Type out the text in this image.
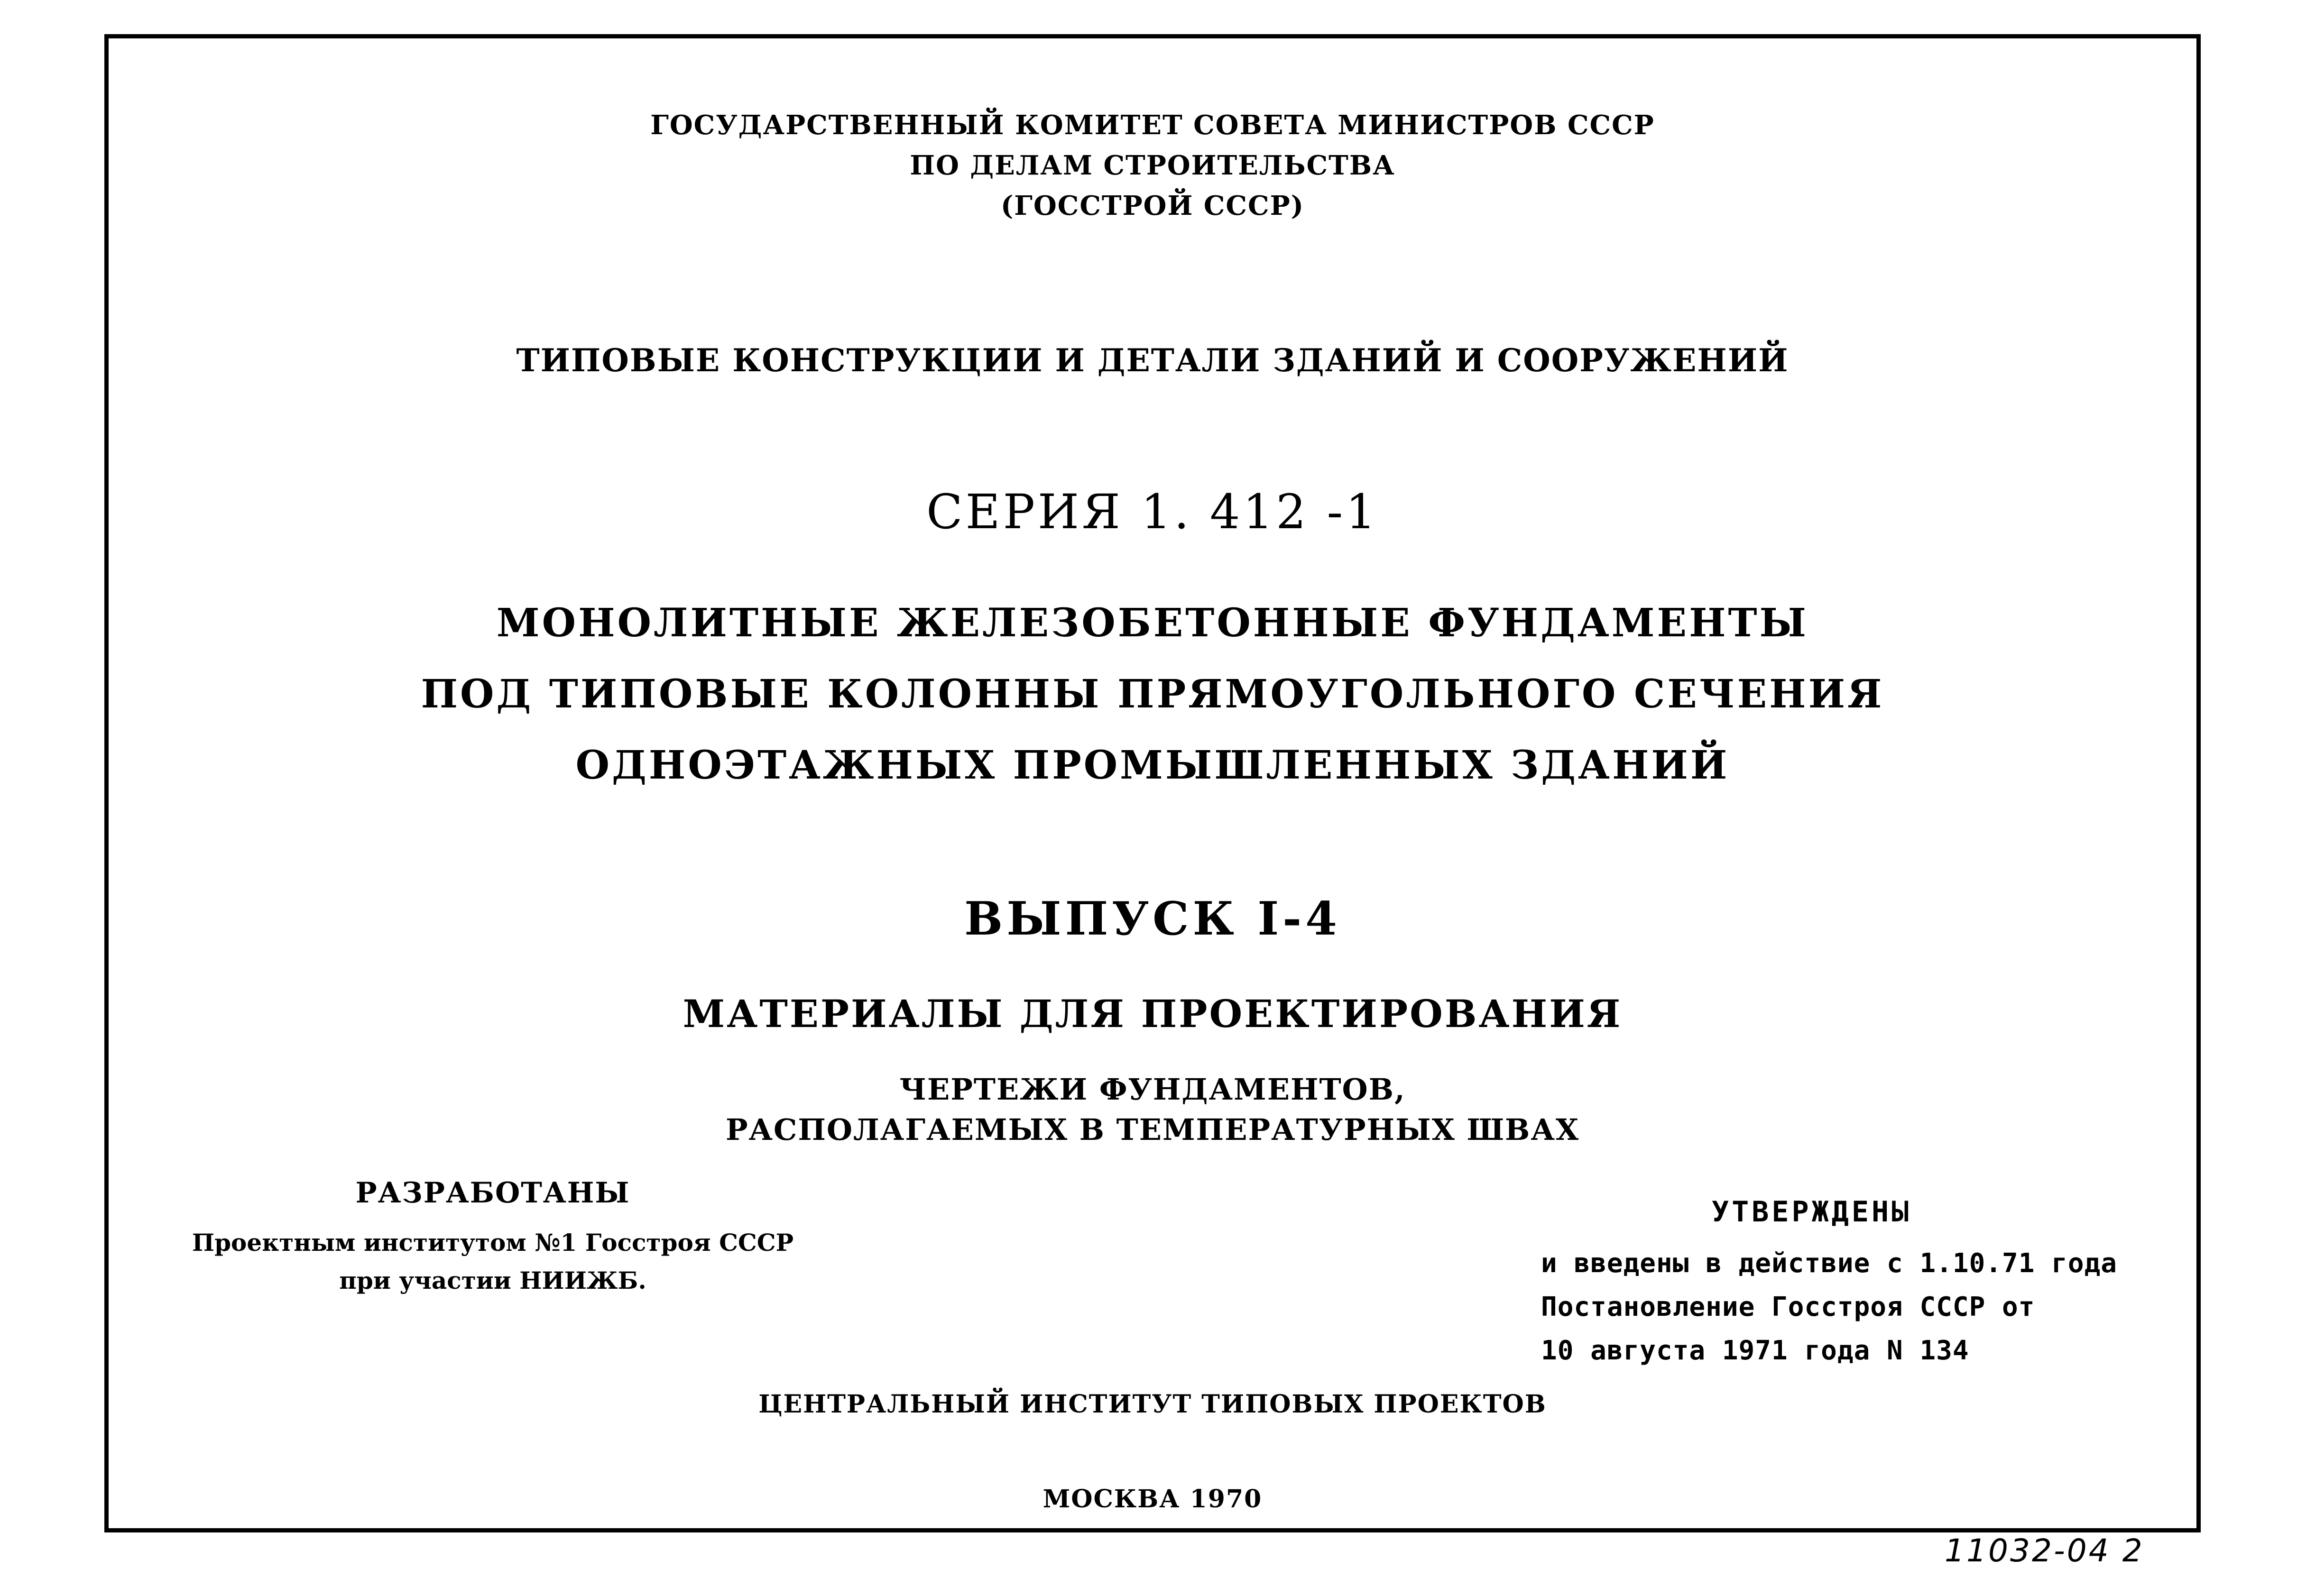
ГОСУДАРСТВЕННЫЙ КОМИТЕТ СОВЕТА МИНИСТРОВ СССР
ПО ДЕЛАМ СТРОИТЕЛЬСТВА
(ГОССТРОЙ СССР)
ТИПОВЫЕ КОНСТРУКЦИИ И ДЕТАЛИ ЗДАНИЙ И СООРУЖЕНИЙ
СЕРИЯ 1. 412 -1
МОНОЛИТНЫЕ ЖЕЛЕЗОБЕТОННЫЕ ФУНДАМЕНТЫ
ПОД ТИПОВЫЕ КОЛОННЫ ПРЯМОУГОЛЬНОГО СЕЧЕНИЯ
ОДНОЭТАЖНЫХ ПРОМЫШЛЕННЫХ ЗДАНИЙ
ВЫПУСК I-4
МАТЕРИАЛЫ ДЛЯ ПРОЕКТИРОВАНИЯ
ЧЕРТЕЖИ ФУНДАМЕНТОВ,
РАСПОЛАГАЕМЫХ В ТЕМПЕРАТУРНЫХ ШВАХ
РАЗРАБОТАНЫ
Проектным институтом №1 Госстроя СССР
при участии НИИЖБ.
УТВЕРЖДЕНЫ
и введены в действие с 1.10.71 года
Постановление Госстроя СССР от
10 августа 1971 года N 134
ЦЕНТРАЛЬНЫЙ ИНСТИТУТ ТИПОВЫХ ПРОЕКТОВ
МОСКВА 1970
11032-04 2
